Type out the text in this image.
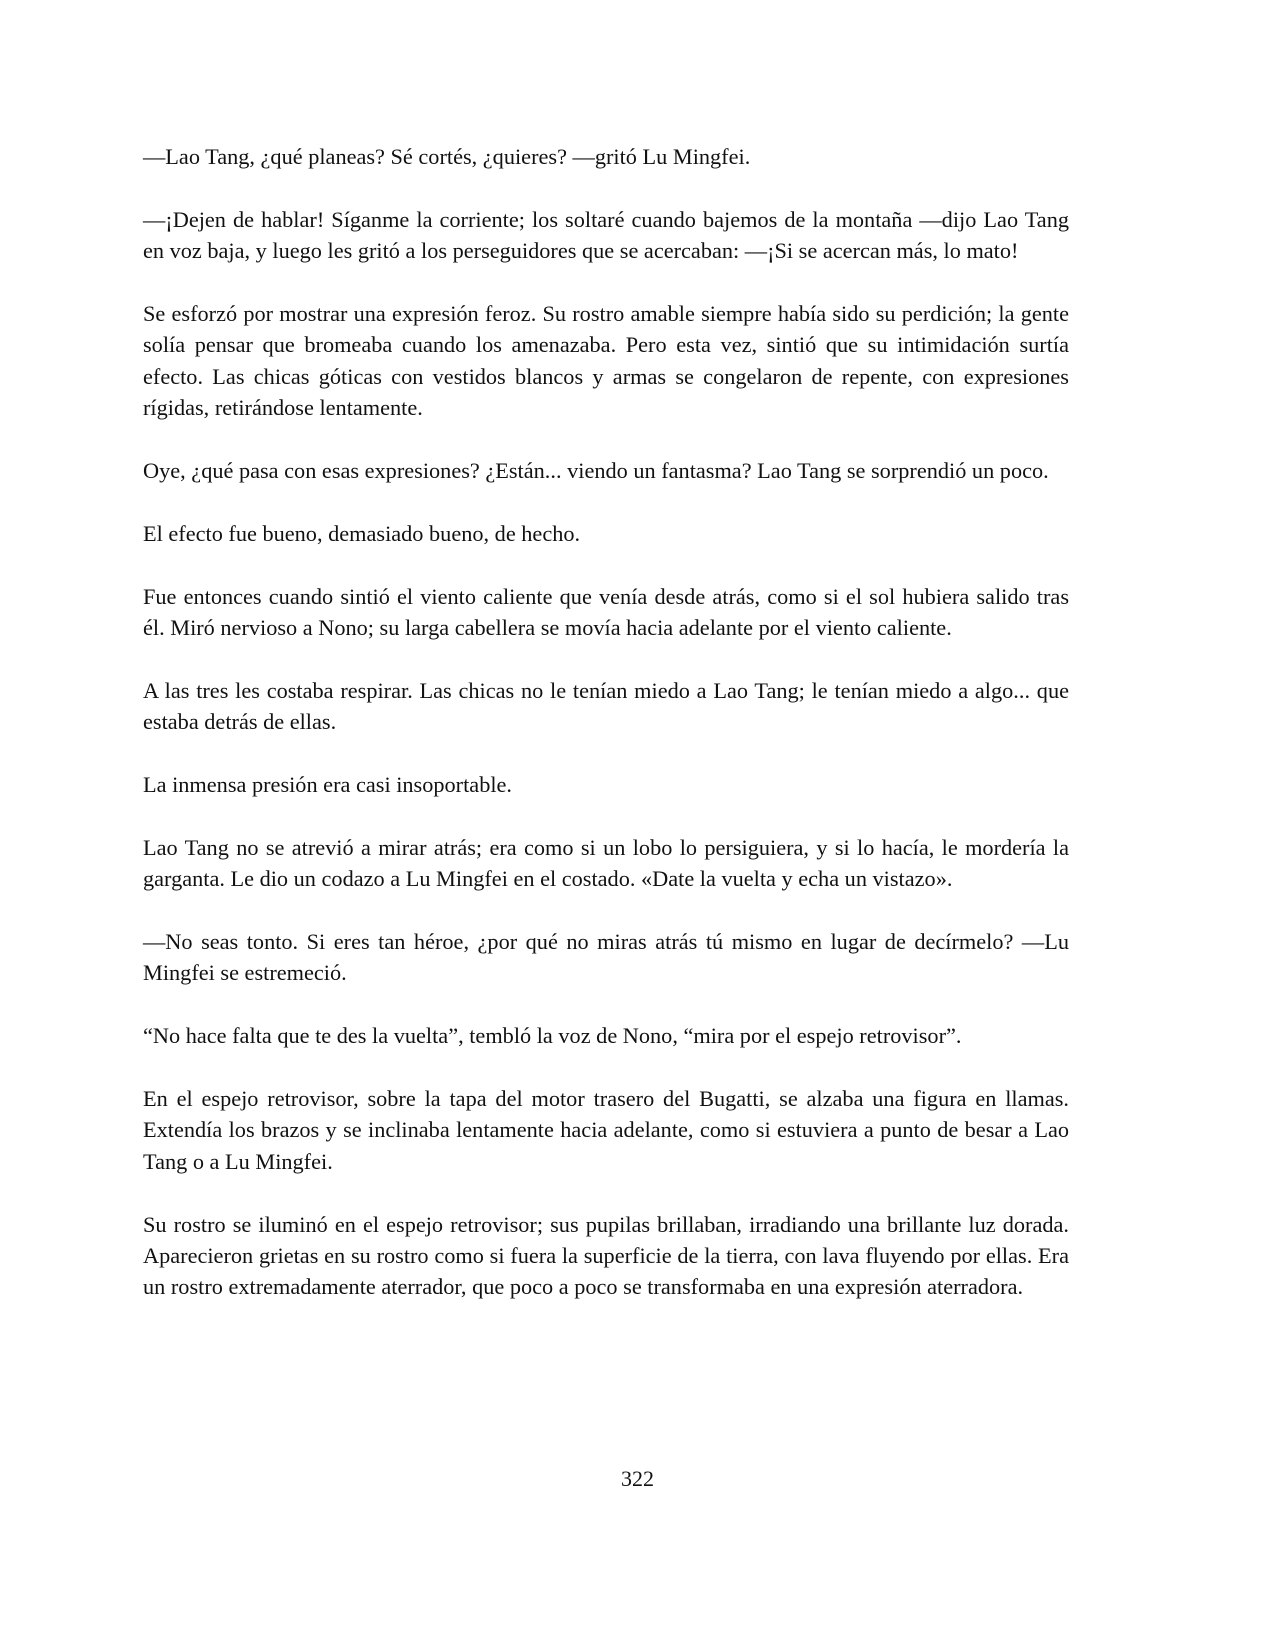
—Lao Tang, ¿qué planeas? Sé cortés, ¿quieres? —gritó Lu Mingfei.

—¡Dejen de hablar! Síganme la corriente; los soltaré cuando bajemos de la montaña —dijo Lao Tang en voz baja, y luego les gritó a los perseguidores que se acercaban: —¡Si se acercan más, lo mato!

Se esforzó por mostrar una expresión feroz. Su rostro amable siempre había sido su perdición; la gente solía pensar que bromeaba cuando los amenazaba. Pero esta vez, sintió que su intimidación surtía efecto. Las chicas góticas con vestidos blancos y armas se congelaron de repente, con expresiones rígidas, retirándose lentamente.

Oye, ¿qué pasa con esas expresiones? ¿Están... viendo un fantasma? Lao Tang se sorprendió un poco.

El efecto fue bueno, demasiado bueno, de hecho.

Fue entonces cuando sintió el viento caliente que venía desde atrás, como si el sol hubiera salido tras él. Miró nervioso a Nono; su larga cabellera se movía hacia adelante por el viento caliente.

A las tres les costaba respirar. Las chicas no le tenían miedo a Lao Tang; le tenían miedo a algo... que estaba detrás de ellas.

La inmensa presión era casi insoportable.

Lao Tang no se atrevió a mirar atrás; era como si un lobo lo persiguiera, y si lo hacía, le mordería la garganta. Le dio un codazo a Lu Mingfei en el costado. «Date la vuelta y echa un vistazo».

—No seas tonto. Si eres tan héroe, ¿por qué no miras atrás tú mismo en lugar de decírmelo? —Lu Mingfei se estremeció.

“No hace falta que te des la vuelta”, tembló la voz de Nono, “mira por el espejo retrovisor”.

En el espejo retrovisor, sobre la tapa del motor trasero del Bugatti, se alzaba una figura en llamas. Extendía los brazos y se inclinaba lentamente hacia adelante, como si estuviera a punto de besar a Lao Tang o a Lu Mingfei.

Su rostro se iluminó en el espejo retrovisor; sus pupilas brillaban, irradiando una brillante luz dorada. Aparecieron grietas en su rostro como si fuera la superficie de la tierra, con lava fluyendo por ellas. Era un rostro extremadamente aterrador, que poco a poco se transformaba en una expresión aterradora.

322
